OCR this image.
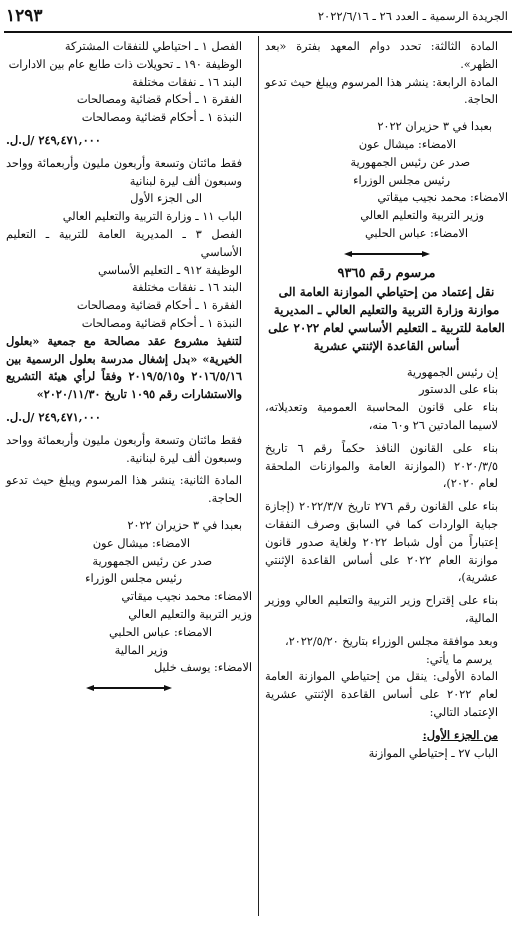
١٢٩٣	الجريدة الرسمية ـ العدد ٢٦ ـ ٢٠٢٢/٦/١٦

المادة الثالثة: تحدد دوام المعهد بفترة «بعد الظهر».

المادة الرابعة: ينشر هذا المرسوم ويبلغ حيث تدعو الحاجة.

بعبدا في ٣ حزيران ٢٠٢٢

الامضاء: ميشال عون

صدر عن رئيس الجمهورية

رئيس مجلس الوزراء

الامضاء: محمد نجيب ميقاتي

وزير التربية والتعليم العالي

الامضاء: عباس الحلبي

مرسوم رقم ٩٣٦٥

نقل إعتماد من إحتياطي الموازنة العامة الى موازنة وزارة التربية والتعليم العالي ـ المديرية العامة للتربية ـ التعليم الأساسي لعام ٢٠٢٢ على أساس القاعدة الإثنتي عشرية

إن رئيس الجمهورية

بناء على الدستور

بناء على قانون المحاسبة العمومية وتعديلاته، لاسيما المادتين ٢٦ و٦٠ منه،

بناء على القانون النافذ حكماً رقم ٦ تاريخ ٢٠٢٠/٣/٥ (الموازنة العامة والموازنات الملحقة لعام ٢٠٢٠)،

بناء على القانون رقم ٢٧٦ تاريخ ٢٠٢٢/٣/٧ (إجازة جباية الواردات كما في السابق وصرف النفقات إعتباراً من أول شباط ٢٠٢٢ ولغاية صدور قانون موازنة العام ٢٠٢٢ على أساس القاعدة الإثنتي عشرية)،

بناء على إقتراح وزير التربية والتعليم العالي ووزير المالية،

وبعد موافقة مجلس الوزراء بتاريخ ٢٠٢٢/٥/٢٠،

يرسم ما يأتي:

المادة الأولى: ينقل من إحتياطي الموازنة العامة لعام ٢٠٢٢ على أساس القاعدة الإثنتي عشرية الإعتماد التالي:

من الجزء الأول:

الباب ٢٧ ـ إحتياطي الموازنة

الفصل ١ ـ احتياطي للنفقات المشتركة

الوظيفة ١٩٠ ـ تحويلات ذات طابع عام بين الادارات

البند ١٦ ـ نفقات مختلفة

الفقرة ١ ـ أحكام قضائية ومصالحات

النبذة ١ ـ أحكام قضائية ومصالحات

٢٤٩,٤٧١,٠٠٠ /ل.ل.

فقط مائتان وتسعة وأربعون مليون وأربعمائة وواحد وسبعون ألف ليرة لبنانية

الى الجزء الأول

الباب ١١ ـ وزارة التربية والتعليم العالي

الفصل ٣ ـ المديرية العامة للتربية ـ التعليم الأساسي

الوظيفة ٩١٢ ـ التعليم الأساسي

البند ١٦ ـ نفقات مختلفة

الفقرة ١ ـ أحكام قضائية ومصالحات

النبذة ١ ـ أحكام قضائية ومصالحات

لتنفيذ مشروع عقد مصالحة مع جمعية «بعلول الخيرية» «بدل إشغال مدرسة بعلول الرسمية بين ٢٠١٦/٥/١٦ و٢٠١٩/٥/١٥ وفقاً لرأي هيئة التشريع والاستشارات رقم ١٠٩٥ تاريخ ٢٠٢٠/١١/٣٠»

٢٤٩,٤٧١,٠٠٠ /ل.ل.

فقط مائتان وتسعة وأربعون مليون وأربعمائة وواحد وسبعون ألف ليرة لبنانية.

المادة الثانية: ينشر هذا المرسوم ويبلغ حيث تدعو الحاجة.

بعبدا في ٣ حزيران ٢٠٢٢

الامضاء: ميشال عون

صدر عن رئيس الجمهورية

رئيس مجلس الوزراء

الامضاء: محمد نجيب ميقاتي

وزير التربية والتعليم العالي

الامضاء: عباس الحلبي

وزير المالية

الامضاء: يوسف خليل
